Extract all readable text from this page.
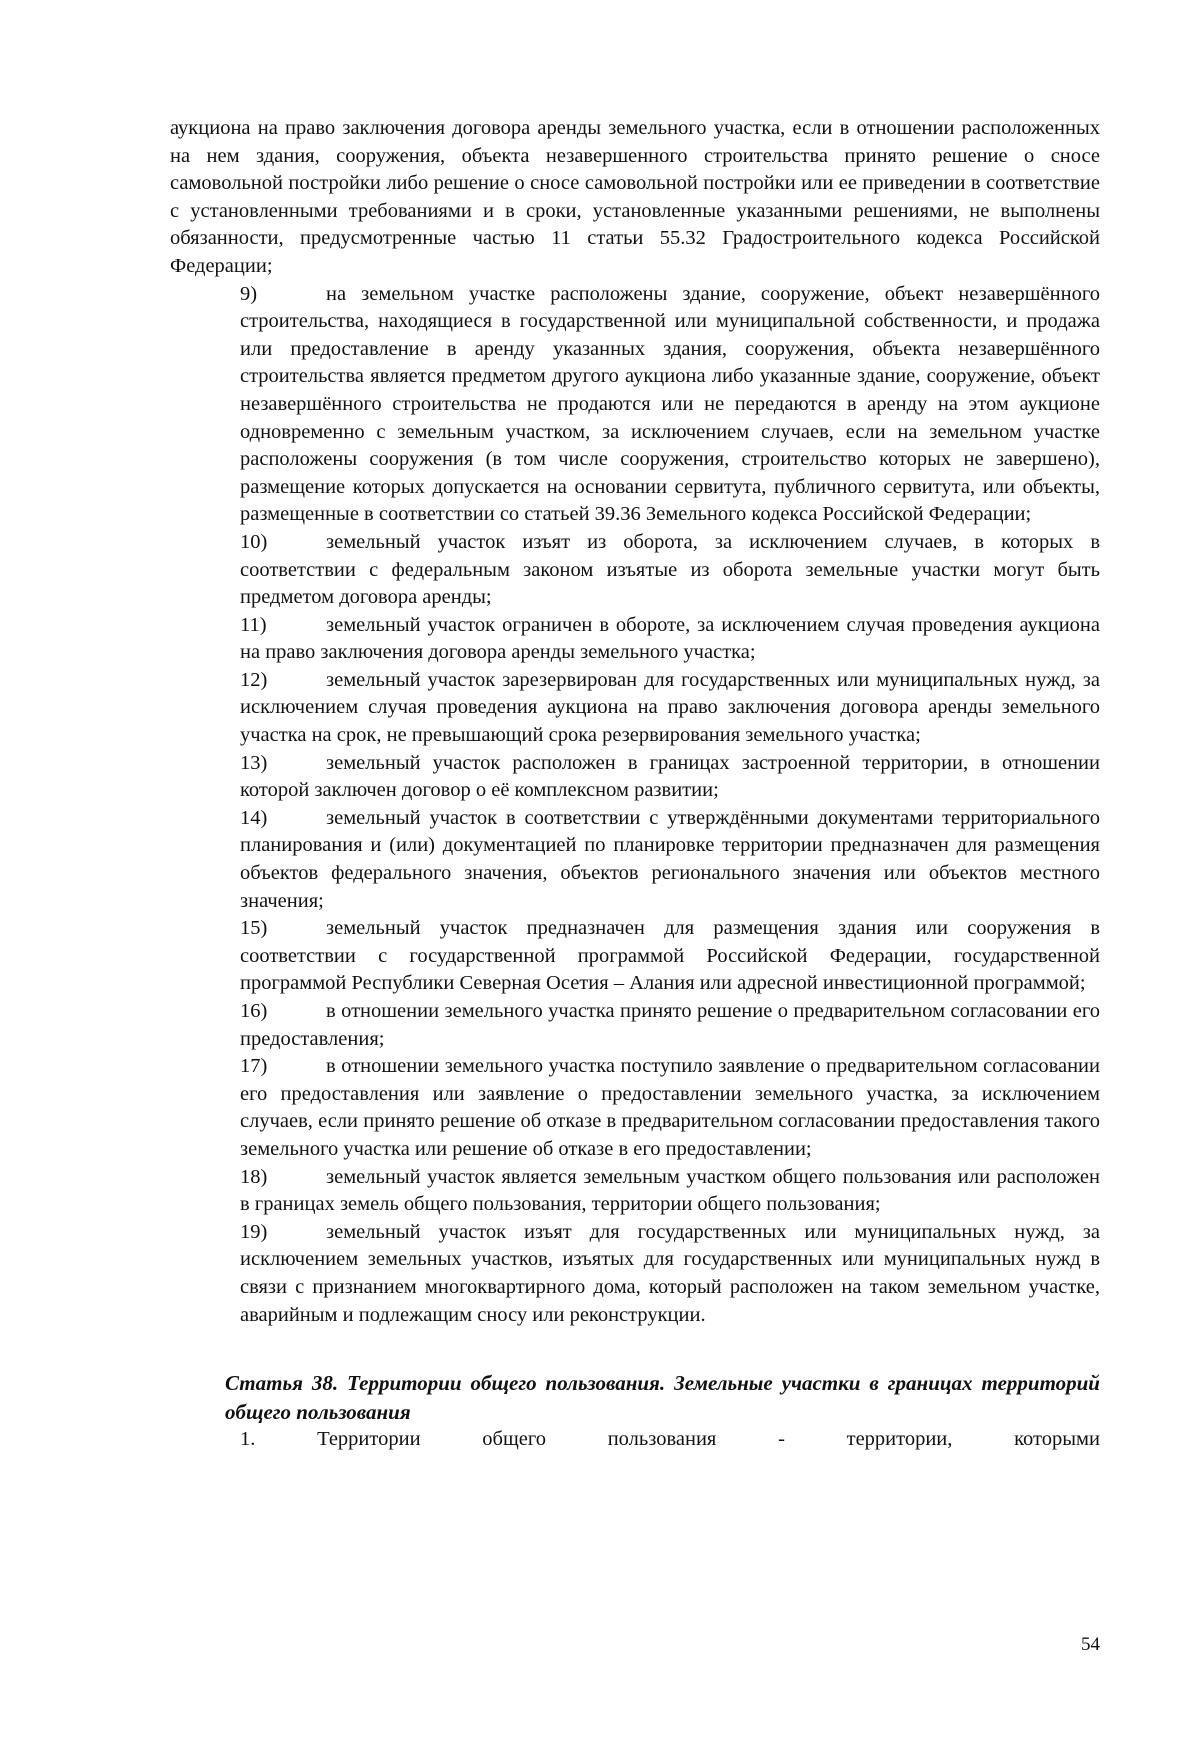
аукциона на право заключения договора аренды земельного участка, если в отношении расположенных на нем здания, сооружения, объекта незавершенного строительства принято решение о сносе самовольной постройки либо решение о сносе самовольной постройки или ее приведении в соответствие с установленными требованиями и в сроки, установленные указанными решениями, не выполнены обязанности, предусмотренные частью 11 статьи 55.32 Градостроительного кодекса Российской Федерации;

9)	на земельном участке расположены здание, сооружение, объект незавершённого строительства, находящиеся в государственной или муниципальной собственности, и продажа или предоставление в аренду указанных здания, сооружения, объекта незавершённого строительства является предметом другого аукциона либо указанные здание, сооружение, объект незавершённого строительства не продаются или не передаются в аренду на этом аукционе одновременно с земельным участком, за исключением случаев, если на земельном участке расположены сооружения (в том числе сооружения, строительство которых не завершено), размещение которых допускается на основании сервитута, публичного сервитута, или объекты, размещенные в соответствии со статьей 39.36 Земельного кодекса Российской Федерации;

10)	земельный участок изъят из оборота, за исключением случаев, в которых в соответствии с федеральным законом изъятые из оборота земельные участки могут быть предметом договора аренды;

11)	земельный участок ограничен в обороте, за исключением случая проведения аукциона на право заключения договора аренды земельного участка;

12)	земельный участок зарезервирован для государственных или муниципальных нужд, за исключением случая проведения аукциона на право заключения договора аренды земельного участка на срок, не превышающий срока резервирования земельного участка;

13)	земельный участок расположен в границах застроенной территории, в отношении которой заключен договор о её комплексном развитии;

14)	земельный участок в соответствии с утверждёнными документами территориального планирования и (или) документацией по планировке территории предназначен для размещения объектов федерального значения, объектов регионального значения или объектов местного значения;

15)	земельный участок предназначен для размещения здания или сооружения в соответствии с государственной программой Российской Федерации, государственной программой Республики Северная Осетия – Алания или адресной инвестиционной программой;

16)	в отношении земельного участка принято решение о предварительном согласовании его предоставления;

17)	в отношении земельного участка поступило заявление о предварительном согласовании его предоставления или заявление о предоставлении земельного участка, за исключением случаев, если принято решение об отказе в предварительном согласовании предоставления такого земельного участка или решение об отказе в его предоставлении;

18)	земельный участок является земельным участком общего пользования или расположен в границах земель общего пользования, территории общего пользования;

19)	земельный участок изъят для государственных или муниципальных нужд, за исключением земельных участков, изъятых для государственных или муниципальных нужд в связи с признанием многоквартирного дома, который расположен на таком земельном участке, аварийным и подлежащим сносу или реконструкции.

Статья 38. Территории общего пользования. Земельные участки в границах территорий общего пользования

1.	Территории	общего	пользования	-	территории,	которыми
54
